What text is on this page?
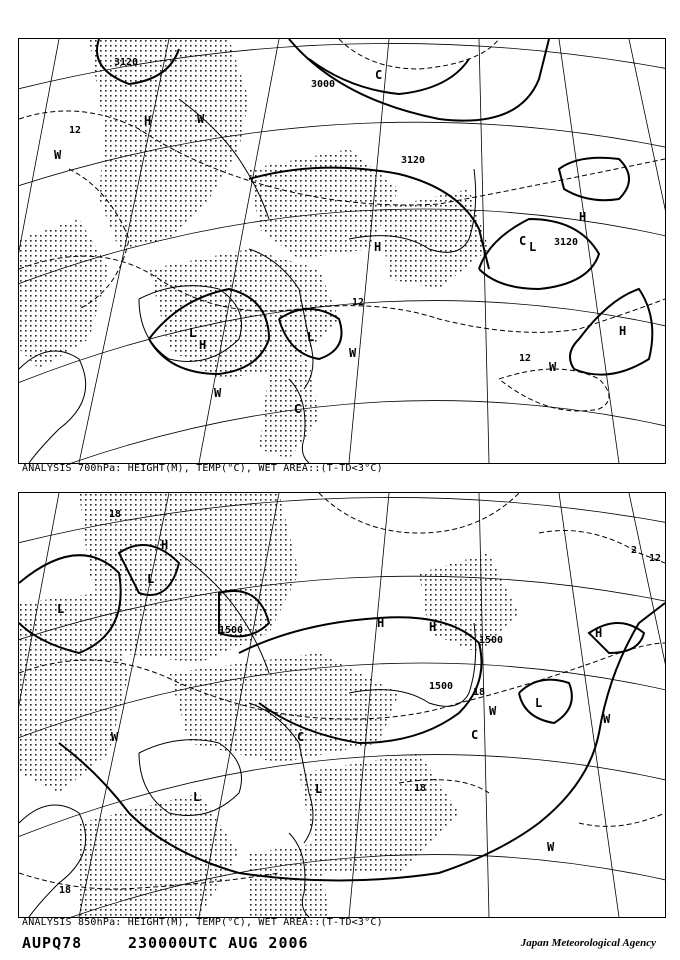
H
H
H
H
H
L	L
L
C
C
C
W
W
W
W
W
3120
3120
3120
3000
12
12
12
ANALYSIS 700hPa: HEIGHT(M), TEMP(°C), WET AREA::(T-TD<3°C)
H
H	H
H
L
L
L
L
L
C
C
W
W
W
W
1500
1500
1500
18
18
18
18
12
2
ANALYSIS 850hPa: HEIGHT(M), TEMP(°C), WET AREA::(T-TD<3°C)
AUPQ78	230000UTC AUG 2006	Japan Meteorological Agency
